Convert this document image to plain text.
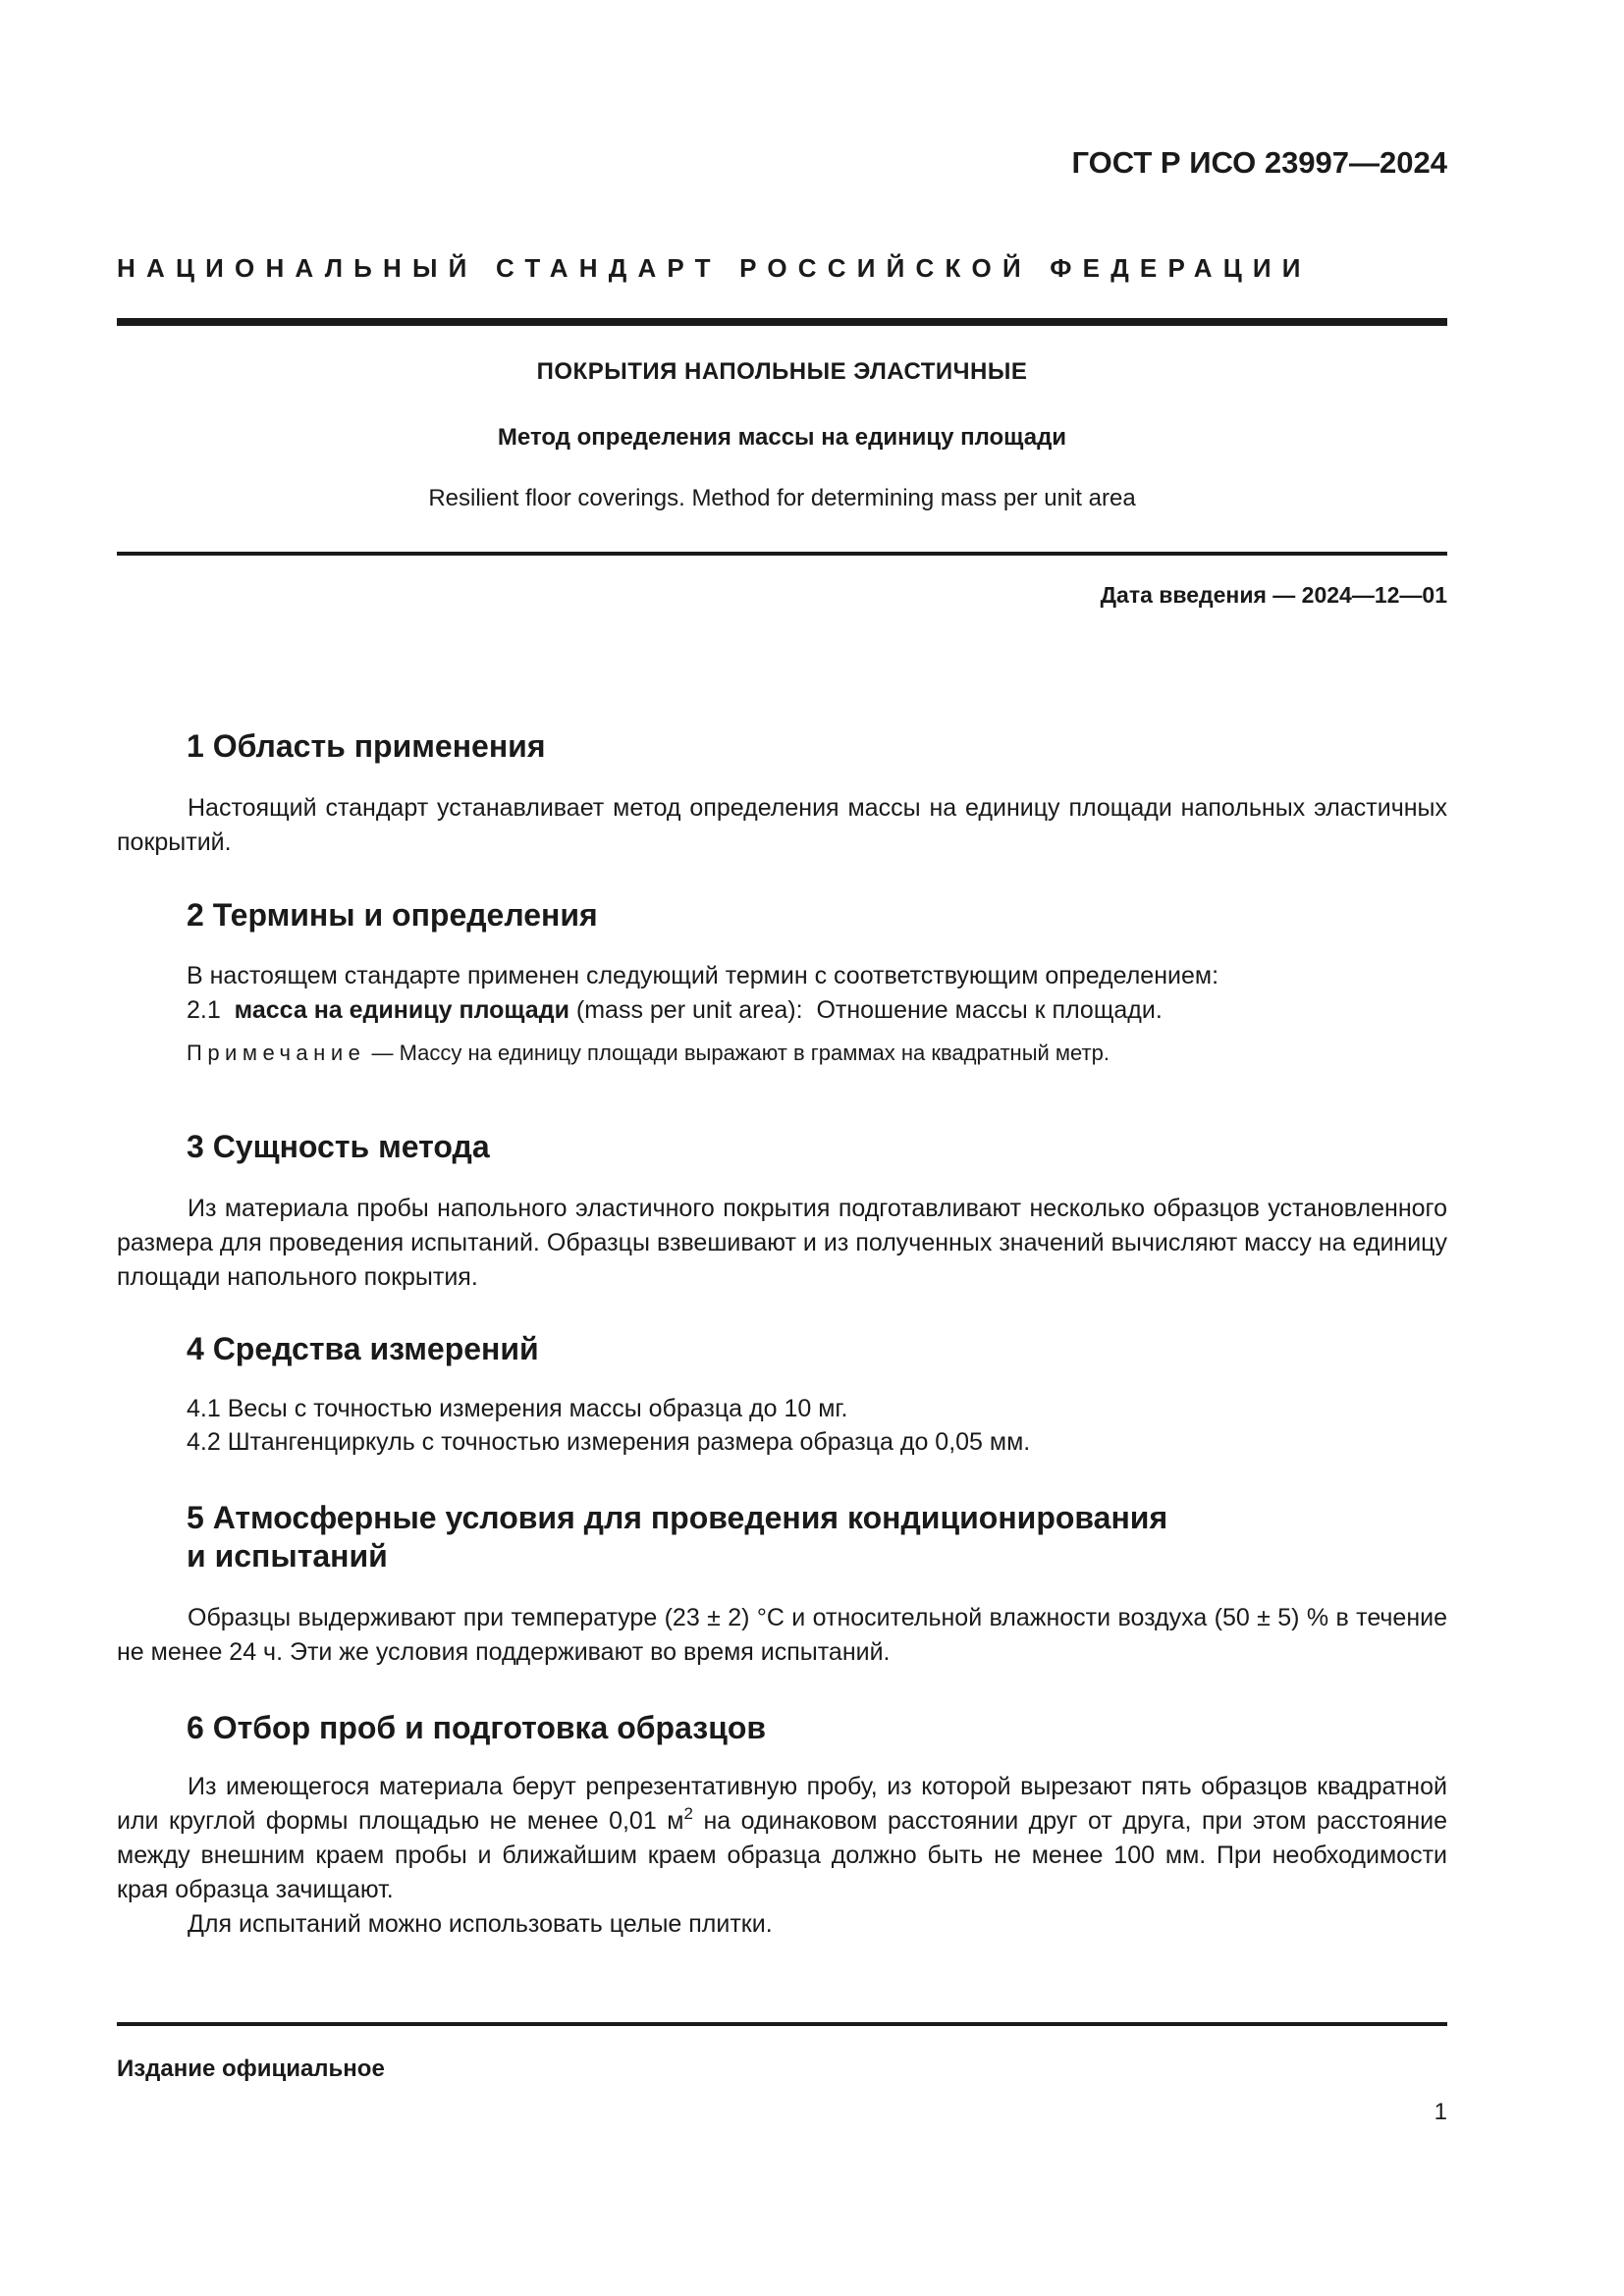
ГОСТ Р ИСО 23997—2024
НАЦИОНАЛЬНЫЙ СТАНДАРТ РОССИЙСКОЙ ФЕДЕРАЦИИ
ПОКРЫТИЯ НАПОЛЬНЫЕ ЭЛАСТИЧНЫЕ
Метод определения массы на единицу площади
Resilient floor coverings. Method for determining mass per unit area
Дата введения — 2024—12—01
1 Область применения

Настоящий стандарт устанавливает метод определения массы на единицу площади напольных эластичных покрытий.

2 Термины и определения
В настоящем стандарте применен следующий термин с соответствующим определением:
2.1 масса на единицу площади (mass per unit area): Отношение массы к площади.
Примечание — Массу на единицу площади выражают в граммах на квадратный метр.
3 Сущность метода

Из материала пробы напольного эластичного покрытия подготавливают несколько образцов установленного размера для проведения испытаний. Образцы взвешивают и из полученных значений вычисляют массу на единицу площади напольного покрытия.

4 Средства измерений
4.1 Весы с точностью измерения массы образца до 10 мг.
4.2 Штангенциркуль с точностью измерения размера образца до 0,05 мм.
5 Атмосферные условия для проведения кондиционирования
и испытаний

Образцы выдерживают при температуре (23 ± 2) °C и относительной влажности воздуха (50 ± 5) % в течение не менее 24 ч. Эти же условия поддерживают во время испытаний.

6 Отбор проб и подготовка образцов

Из имеющегося материала берут репрезентативную пробу, из которой вырезают пять образцов квадратной или круглой формы площадью не менее 0,01 $м^2$ на одинаковом расстоянии друг от друга, при этом расстояние между внешним краем пробы и ближайшим краем образца должно быть не менее 100 мм. При необходимости края образца зачищают.

Для испытаний можно использовать целые плитки.

Издание официальное
1
